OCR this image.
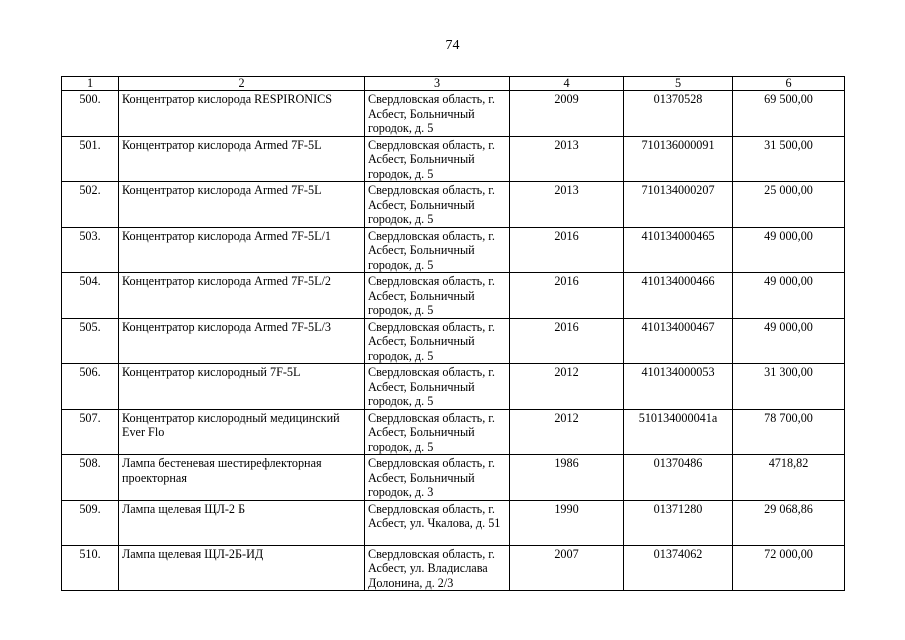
74
1	2	3	4	5	6
500.	Концентратор кислорода RESPIRONICS	Свердловская область, г. Асбест, Больничный городок, д. 5	2009	01370528	69 500,00
501.	Концентратор кислорода Armed 7F-5L	Свердловская область, г. Асбест, Больничный городок, д. 5	2013	710136000091	31 500,00
502.	Концентратор кислорода Armed 7F-5L	Свердловская область, г. Асбест, Больничный городок, д. 5	2013	710134000207	25 000,00
503.	Концентратор кислорода Armed 7F-5L/1	Свердловская область, г. Асбест, Больничный городок, д. 5	2016	410134000465	49 000,00
504.	Концентратор кислорода Armed 7F-5L/2	Свердловская область, г. Асбест, Больничный городок, д. 5	2016	410134000466	49 000,00
505.	Концентратор кислорода Armed 7F-5L/3	Свердловская область, г. Асбест, Больничный городок, д. 5	2016	410134000467	49 000,00
506.	Концентратор кислородный 7F-5L	Свердловская область, г. Асбест, Больничный городок, д. 5	2012	410134000053	31 300,00
507.	Концентратор кислородный медицинский Ever Flo	Свердловская область, г. Асбест, Больничный городок, д. 5	2012	510134000041а	78 700,00
508.	Лампа бестеневая шестирефлекторная проекторная	Свердловская область, г. Асбест, Больничный городок, д. 3	1986	01370486	4718,82
509.	Лампа щелевая ЩЛ-2 Б	Свердловская область, г. Асбест, ул. Чкалова, д. 51	1990	01371280	29 068,86
510.	Лампа щелевая ЩЛ-2Б-ИД	Свердловская область, г. Асбест, ул. Владислава Долонина, д. 2/3	2007	01374062	72 000,00
